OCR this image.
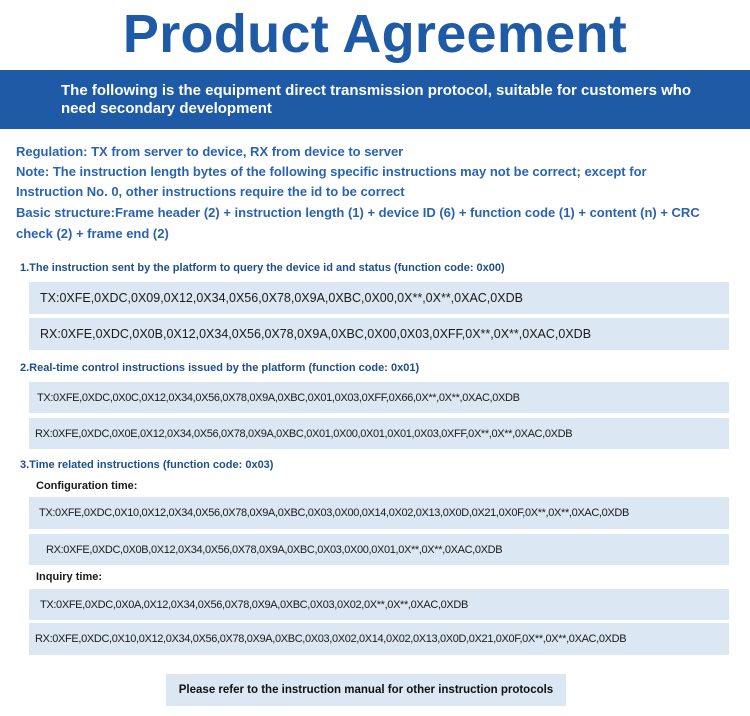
Product Agreement
The following is the equipment direct transmission protocol, suitable for customers who need secondary development
Regulation: TX from server to device, RX from device to server
Note: The instruction length bytes of the following specific instructions may not be correct; except for
Instruction No. 0, other instructions require the id to be correct
Basic structure:Frame header (2) + instruction length (1) + device ID (6) + function code (1) + content (n) + CRC
check (2) + frame end (2)
1.The instruction sent by the platform to query the device id and status (function code: 0x00)
TX:0XFE,0XDC,0X09,0X12,0X34,0X56,0X78,0X9A,0XBC,0X00,0X**,0X**,0XAC,0XDB
RX:0XFE,0XDC,0X0B,0X12,0X34,0X56,0X78,0X9A,0XBC,0X00,0X03,0XFF,0X**,0X**,0XAC,0XDB
2.Real-time control instructions issued by the platform (function code: 0x01)
TX:0XFE,0XDC,0X0C,0X12,0X34,0X56,0X78,0X9A,0XBC,0X01,0X03,0XFF,0X66,0X**,0X**,0XAC,0XDB
RX:0XFE,0XDC,0X0E,0X12,0X34,0X56,0X78,0X9A,0XBC,0X01,0X00,0X01,0X01,0X03,0XFF,0X**,0X**,0XAC,0XDB
3.Time related instructions (function code: 0x03)
Configuration time:
TX:0XFE,0XDC,0X10,0X12,0X34,0X56,0X78,0X9A,0XBC,0X03,0X00,0X14,0X02,0X13,0X0D,0X21,0X0F,0X**,0X**,0XAC,0XDB
RX:0XFE,0XDC,0X0B,0X12,0X34,0X56,0X78,0X9A,0XBC,0X03,0X00,0X01,0X**,0X**,0XAC,0XDB
Inquiry time:
TX:0XFE,0XDC,0X0A,0X12,0X34,0X56,0X78,0X9A,0XBC,0X03,0X02,0X**,0X**,0XAC,0XDB
RX:0XFE,0XDC,0X10,0X12,0X34,0X56,0X78,0X9A,0XBC,0X03,0X02,0X14,0X02,0X13,0X0D,0X21,0X0F,0X**,0X**,0XAC,0XDB
Please refer to the instruction manual for other instruction protocols
